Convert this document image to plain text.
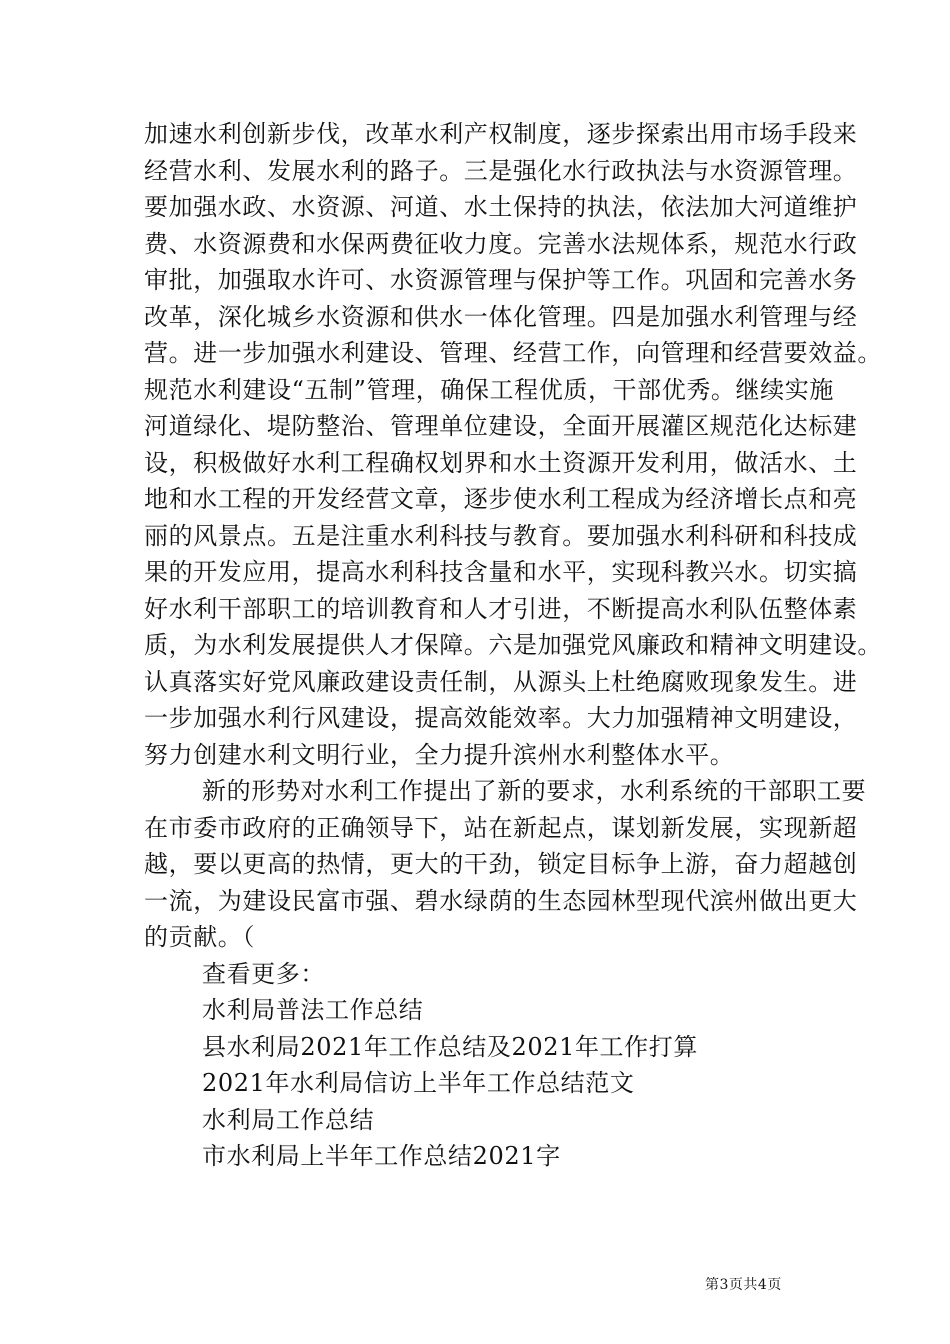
加速水利创新步伐，改革水利产权制度，逐步探索出用市场手段来
经营水利、发展水利的路子。三是强化水行政执法与水资源管理。
要加强水政、水资源、河道、水土保持的执法，依法加大河道维护
费、水资源费和水保两费征收力度。完善水法规体系，规范水行政
审批，加强取水许可、水资源管理与保护等工作。巩固和完善水务
改革，深化城乡水资源和供水一体化管理。四是加强水利管理与经
营。进一步加强水利建设、管理、经营工作，向管理和经营要效益。
规范水利建设“五制”管理，确保工程优质，干部优秀。继续实施
河道绿化、堤防整治、管理单位建设，全面开展灌区规范化达标建
设，积极做好水利工程确权划界和水土资源开发利用，做活水、土
地和水工程的开发经营文章，逐步使水利工程成为经济增长点和亮
丽的风景点。五是注重水利科技与教育。要加强水利科研和科技成
果的开发应用，提高水利科技含量和水平，实现科教兴水。切实搞
好水利干部职工的培训教育和人才引进，不断提高水利队伍整体素
质，为水利发展提供人才保障。六是加强党风廉政和精神文明建设。
认真落实好党风廉政建设责任制，从源头上杜绝腐败现象发生。进
一步加强水利行风建设，提高效能效率。大力加强精神文明建设，
努力创建水利文明行业，全力提升滨州水利整体水平。
新的形势对水利工作提出了新的要求，水利系统的干部职工要
在市委市政府的正确领导下，站在新起点，谋划新发展，实现新超
越，要以更高的热情，更大的干劲，锁定目标争上游，奋力超越创
一流，为建设民富市强、碧水绿荫的生态园林型现代滨州做出更大
的贡献。（
查看更多：
水利局普法工作总结
县水利局2021年工作总结及2021年工作打算
2021年水利局信访上半年工作总结范文
水利局工作总结
市水利局上半年工作总结2021字
第3页共4页
